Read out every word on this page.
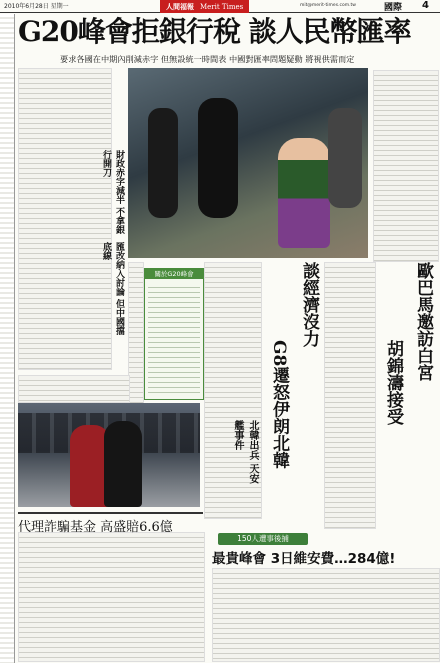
2010年6月28日 星期一	人間福報 Merit Times	mit@merit-times.com.tw	國際 4
G20峰會拒銀行稅 談人民幣匯率
要求各國在中期內削減赤字 但無設統一時間表 中國對匯率問題疑動 將視供需而定
財政赤字減半 不拿銀行開刀
匯改納入討論 但中國擋底線
關於G20峰會	談經濟沒力
G8遷怒伊朗北韓
北韓出兵 天安艦事件
歐巴馬邀訪白宮
胡錦濤接受
代理詐騙基金 高盛賠6.6億
150人遭事後捕
最貴峰會 3日維安費…284億!
